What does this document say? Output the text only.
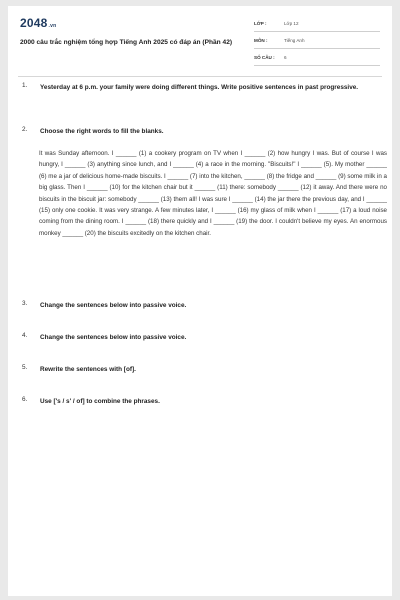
2048.vn
2000 câu trắc nghiệm tổng hợp Tiếng Anh 2025 có đáp án (Phần 42)
LỚP :	Lớp 12
MÔN :	Tiếng Anh
SỐ CÂU : 6
1. Yesterday at 6 p.m. your family were doing different things. Write positive sentences in past progressive.
2. Choose the right words to fill the blanks.
It was Sunday afternoon. I ______ (1) a cookery program on TV when I ______ (2) how hungry I was. But of course I was hungry, I ______ (3) anything since lunch, and I ______ (4) a race in the morning. "Biscuits!" I ______ (5). My mother ______ (6) me a jar of delicious home-made biscuits. I ______ (7) into the kitchen, ______ (8) the fridge and ______ (9) some milk in a big glass. Then I ______ (10) for the kitchen chair but it ______ (11) there: somebody ______ (12) it away. And there were no biscuits in the biscuit jar: somebody ______ (13) them all! I was sure I ______ (14) the jar there the previous day, and I ______ (15) only one cookie. It was very strange. A few minutes later, I ______ (16) my glass of milk when I ______ (17) a loud noise coming from the dining room. I ______ (18) there quickly and I ______ (19) the door. I couldn't believe my eyes. An enormous monkey ______ (20) the biscuits excitedly on the kitchen chair.
3. Change the sentences below into passive voice.
4. Change the sentences below into passive voice.
5. Rewrite the sentences with [of].
6. Use ['s / s' / of] to combine the phrases.
